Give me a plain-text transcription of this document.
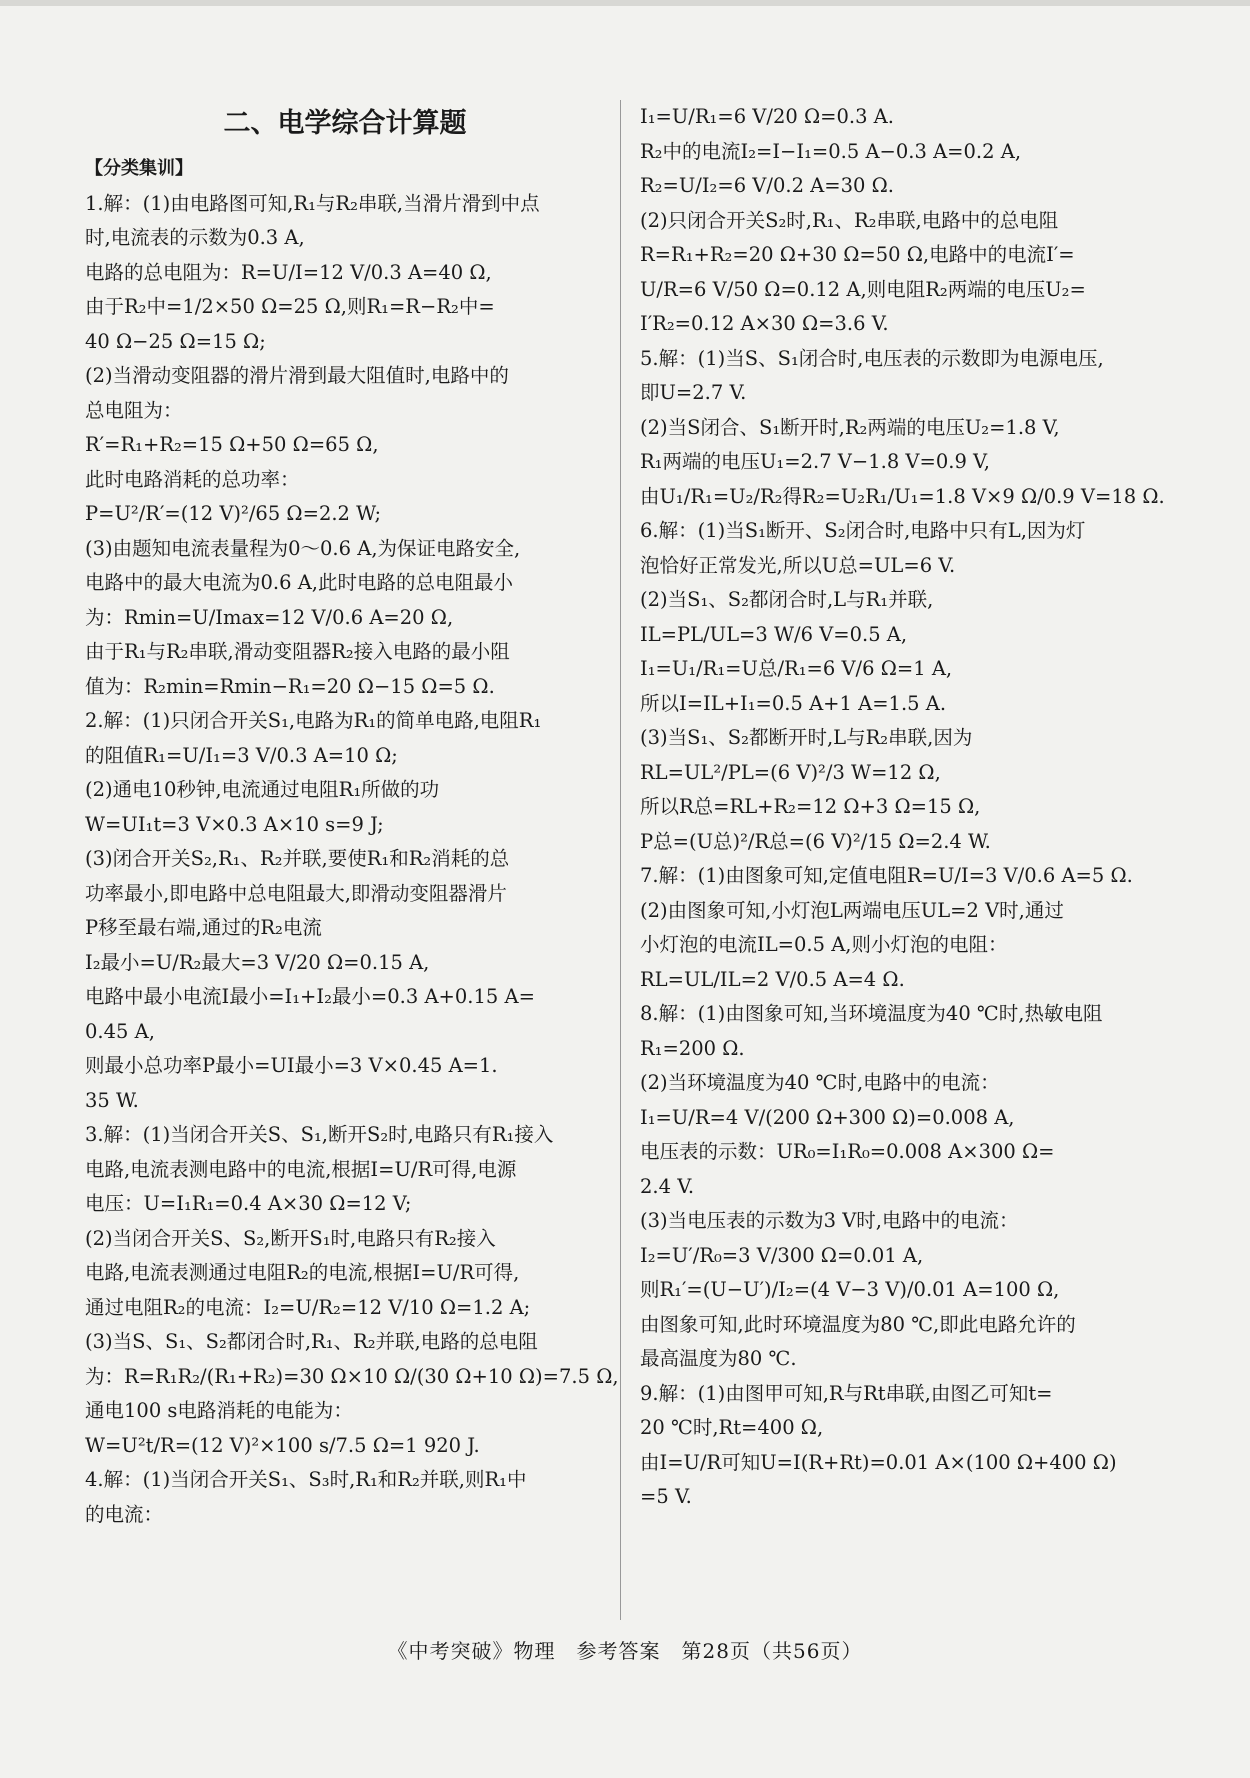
二、电学综合计算题
【分类集训】
1.解：(1)由电路图可知,R₁与R₂串联,当滑片滑到中点
时,电流表的示数为0.3 A,
电路的总电阻为：R=U/I=12 V/0.3 A=40 Ω,
由于R₂中=1/2×50 Ω=25 Ω,则R₁=R−R₂中=
40 Ω−25 Ω=15 Ω;
(2)当滑动变阻器的滑片滑到最大阻值时,电路中的
总电阻为：
R′=R₁+R₂=15 Ω+50 Ω=65 Ω,
此时电路消耗的总功率：
P=U²/R′=(12 V)²/65 Ω=2.2 W;
(3)由题知电流表量程为0～0.6 A,为保证电路安全,
电路中的最大电流为0.6 A,此时电路的总电阻最小
为：Rmin=U/Imax=12 V/0.6 A=20 Ω,
由于R₁与R₂串联,滑动变阻器R₂接入电路的最小阻
值为：R₂min=Rmin−R₁=20 Ω−15 Ω=5 Ω.
2.解：(1)只闭合开关S₁,电路为R₁的简单电路,电阻R₁
的阻值R₁=U/I₁=3 V/0.3 A=10 Ω;
(2)通电10秒钟,电流通过电阻R₁所做的功
W=UI₁t=3 V×0.3 A×10 s=9 J;
(3)闭合开关S₂,R₁、R₂并联,要使R₁和R₂消耗的总
功率最小,即电路中总电阻最大,即滑动变阻器滑片
P移至最右端,通过的R₂电流
I₂最小=U/R₂最大=3 V/20 Ω=0.15 A,
电路中最小电流I最小=I₁+I₂最小=0.3 A+0.15 A=
0.45 A,
则最小总功率P最小=UI最小=3 V×0.45 A=1.
35 W.
3.解：(1)当闭合开关S、S₁,断开S₂时,电路只有R₁接入
电路,电流表测电路中的电流,根据I=U/R可得,电源
电压：U=I₁R₁=0.4 A×30 Ω=12 V;
(2)当闭合开关S、S₂,断开S₁时,电路只有R₂接入
电路,电流表测通过电阻R₂的电流,根据I=U/R可得,
通过电阻R₂的电流：I₂=U/R₂=12 V/10 Ω=1.2 A;
(3)当S、S₁、S₂都闭合时,R₁、R₂并联,电路的总电阻
为：R=R₁R₂/(R₁+R₂)=30 Ω×10 Ω/(30 Ω+10 Ω)=7.5 Ω,
通电100 s电路消耗的电能为：
W=U²t/R=(12 V)²×100 s/7.5 Ω=1 920 J.
4.解：(1)当闭合开关S₁、S₃时,R₁和R₂并联,则R₁中
的电流：
I₁=U/R₁=6 V/20 Ω=0.3 A.
R₂中的电流I₂=I−I₁=0.5 A−0.3 A=0.2 A,
R₂=U/I₂=6 V/0.2 A=30 Ω.
(2)只闭合开关S₂时,R₁、R₂串联,电路中的总电阻
R=R₁+R₂=20 Ω+30 Ω=50 Ω,电路中的电流I′=
U/R=6 V/50 Ω=0.12 A,则电阻R₂两端的电压U₂=
I′R₂=0.12 A×30 Ω=3.6 V.
5.解：(1)当S、S₁闭合时,电压表的示数即为电源电压,
即U=2.7 V.
(2)当S闭合、S₁断开时,R₂两端的电压U₂=1.8 V,
R₁两端的电压U₁=2.7 V−1.8 V=0.9 V,
由U₁/R₁=U₂/R₂得R₂=U₂R₁/U₁=1.8 V×9 Ω/0.9 V=18 Ω.
6.解：(1)当S₁断开、S₂闭合时,电路中只有L,因为灯
泡恰好正常发光,所以U总=UL=6 V.
(2)当S₁、S₂都闭合时,L与R₁并联,
IL=PL/UL=3 W/6 V=0.5 A,
I₁=U₁/R₁=U总/R₁=6 V/6 Ω=1 A,
所以I=IL+I₁=0.5 A+1 A=1.5 A.
(3)当S₁、S₂都断开时,L与R₂串联,因为
RL=UL²/PL=(6 V)²/3 W=12 Ω,
所以R总=RL+R₂=12 Ω+3 Ω=15 Ω,
P总=(U总)²/R总=(6 V)²/15 Ω=2.4 W.
7.解：(1)由图象可知,定值电阻R=U/I=3 V/0.6 A=5 Ω.
(2)由图象可知,小灯泡L两端电压UL=2 V时,通过
小灯泡的电流IL=0.5 A,则小灯泡的电阻：
RL=UL/IL=2 V/0.5 A=4 Ω.
8.解：(1)由图象可知,当环境温度为40 ℃时,热敏电阻
R₁=200 Ω.
(2)当环境温度为40 ℃时,电路中的电流：
I₁=U/R=4 V/(200 Ω+300 Ω)=0.008 A,
电压表的示数：UR₀=I₁R₀=0.008 A×300 Ω=
2.4 V.
(3)当电压表的示数为3 V时,电路中的电流：
I₂=U′/R₀=3 V/300 Ω=0.01 A,
则R₁′=(U−U′)/I₂=(4 V−3 V)/0.01 A=100 Ω,
由图象可知,此时环境温度为80 ℃,即此电路允许的
最高温度为80 ℃.
9.解：(1)由图甲可知,R与Rt串联,由图乙可知t=
20 ℃时,Rt=400 Ω,
由I=U/R可知U=I(R+Rt)=0.01 A×(100 Ω+400 Ω)
=5 V.
《中考突破》物理　参考答案　第28页（共56页）
